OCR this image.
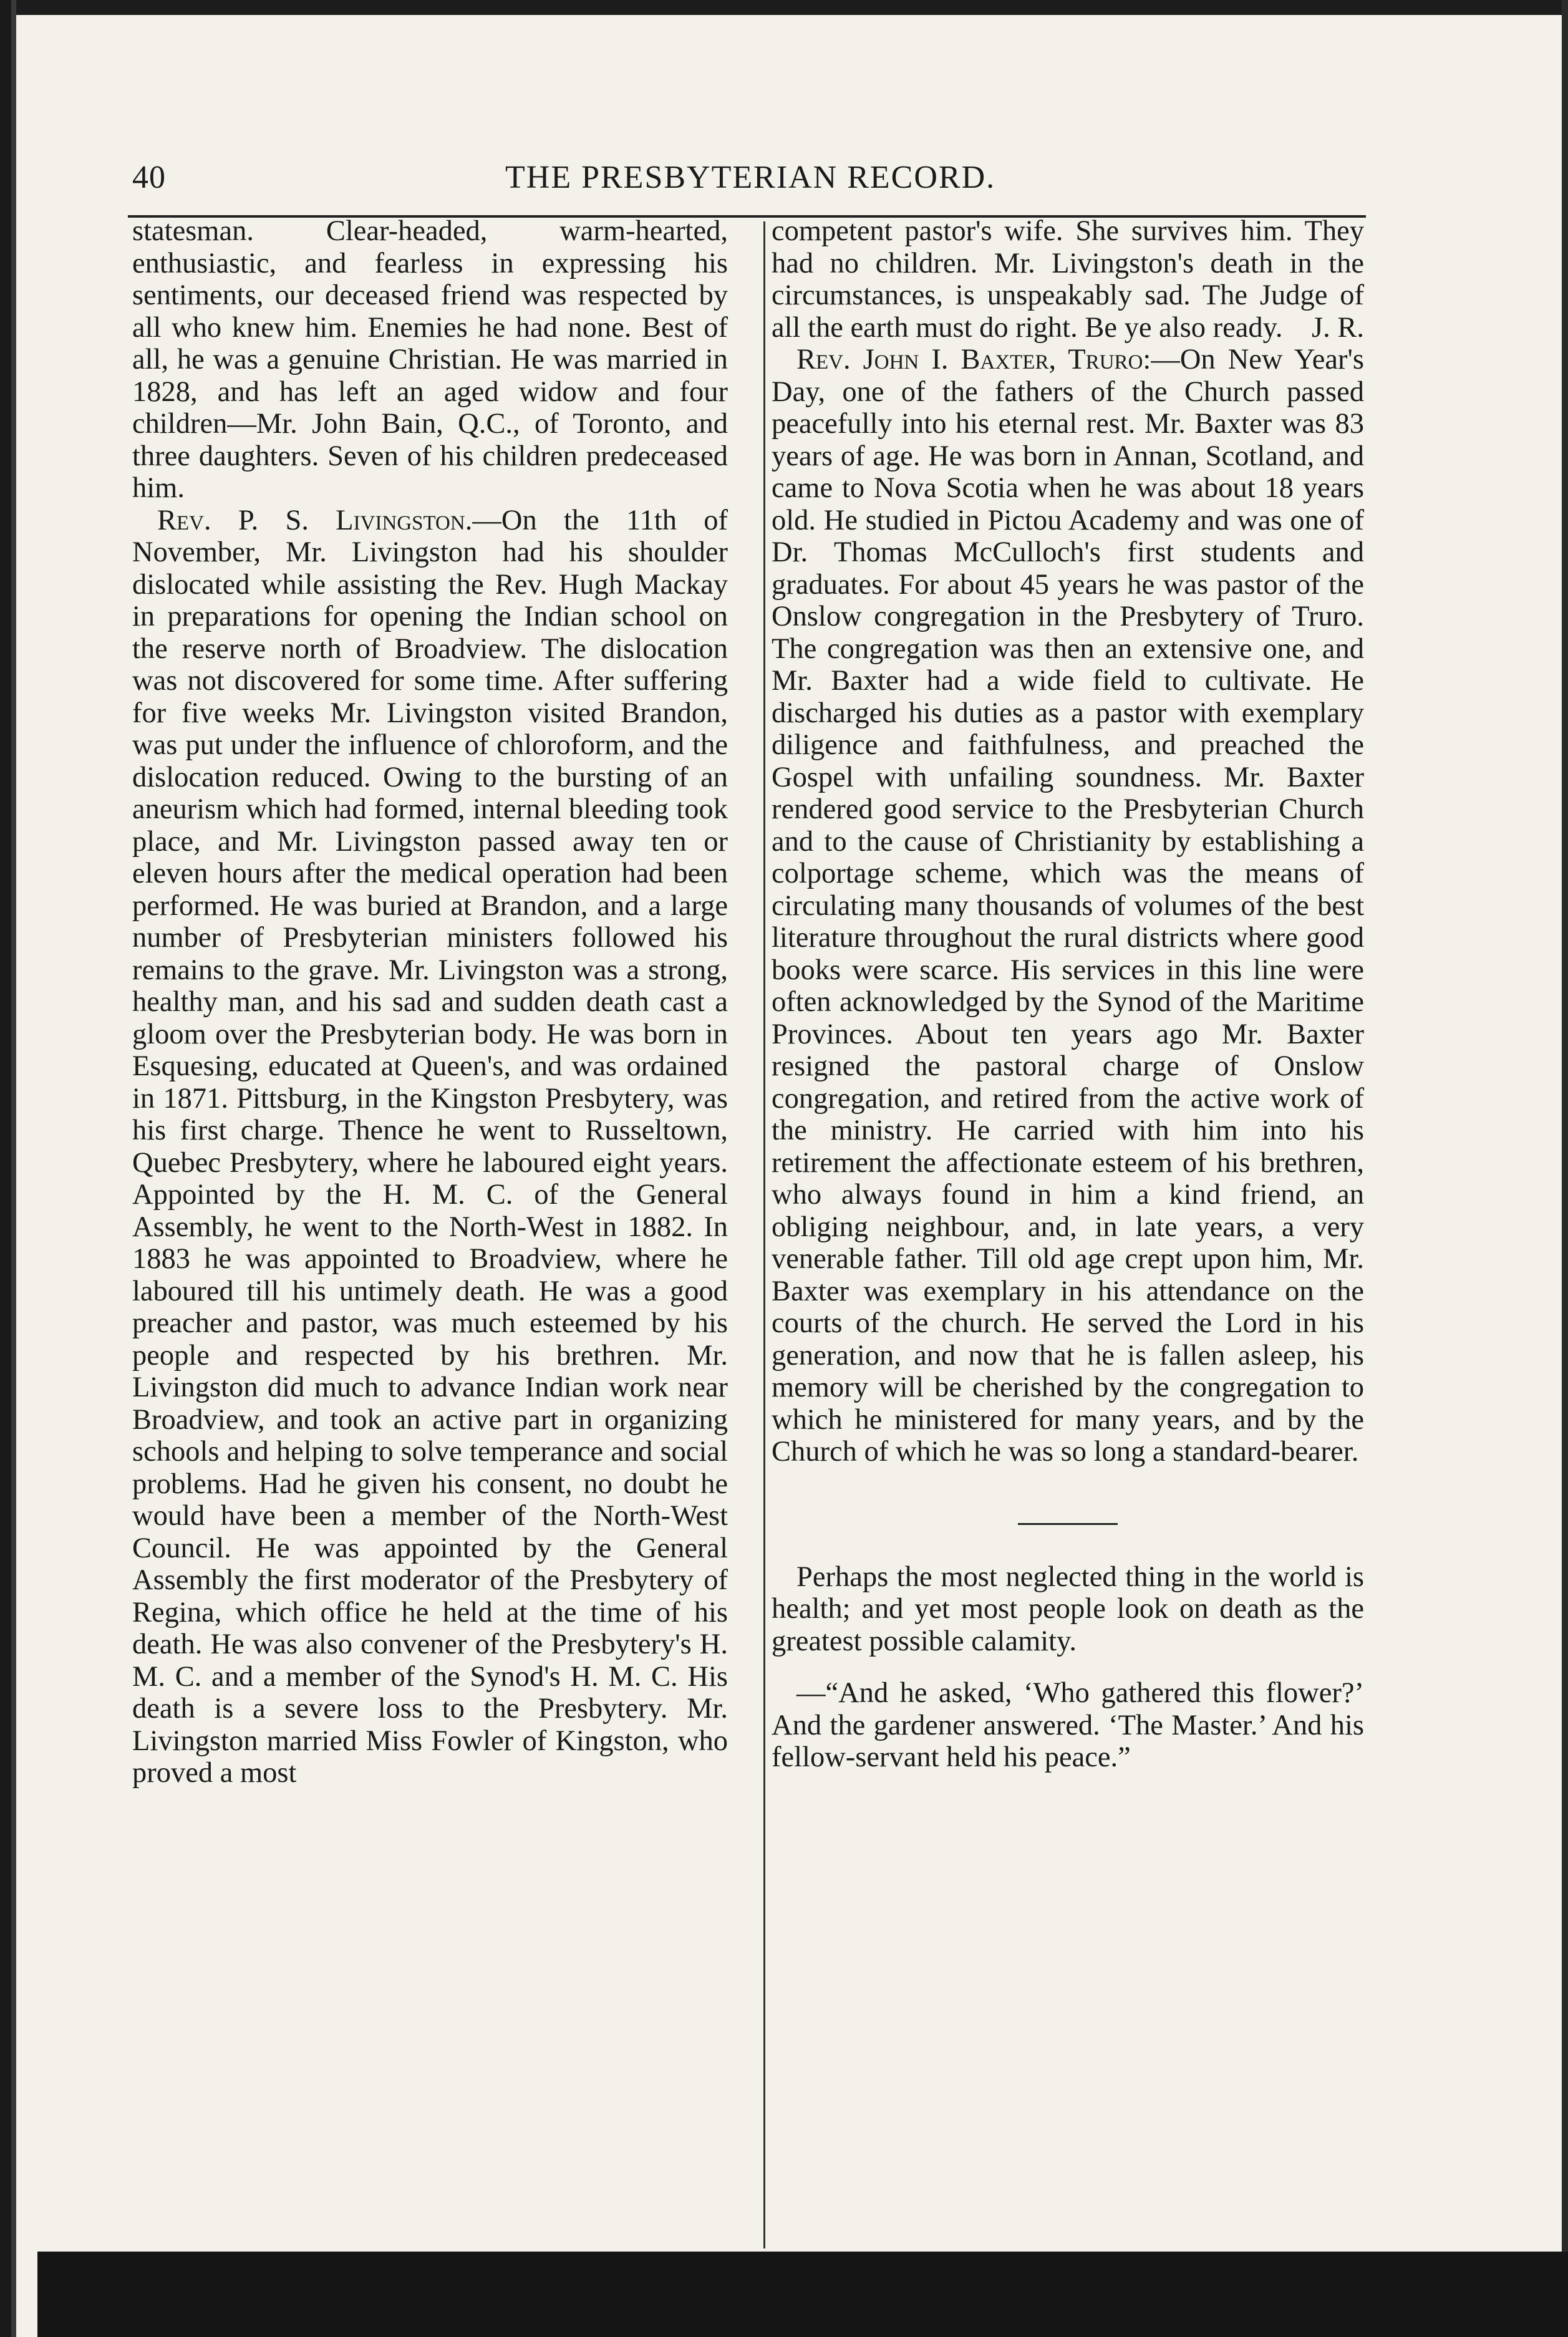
40	THE PRESBYTERIAN RECORD.

statesman. Clear-headed, warm-hearted, enthusiastic, and fearless in expressing his sentiments, our deceased friend was respected by all who knew him. Enemies he had none. Best of all, he was a genuine Christian. He was married in 1828, and has left an aged widow and four children—Mr. John Bain, Q.C., of Toronto, and three daughters. Seven of his children predeceased him.

Rev. P. S. Livingston.—On the 11th of November, Mr. Livingston had his shoulder dislocated while assisting the Rev. Hugh Mackay in preparations for opening the Indian school on the reserve north of Broadview. The dislocation was not discovered for some time. After suffering for five weeks Mr. Livingston visited Brandon, was put under the influence of chloroform, and the dislocation reduced. Owing to the bursting of an aneurism which had formed, internal bleeding took place, and Mr. Livingston passed away ten or eleven hours after the medical operation had been performed. He was buried at Brandon, and a large number of Presbyterian ministers followed his remains to the grave. Mr. Livingston was a strong, healthy man, and his sad and sudden death cast a gloom over the Presbyterian body. He was born in Esquesing, educated at Queen's, and was ordained in 1871. Pittsburg, in the Kingston Presbytery, was his first charge. Thence he went to Russeltown, Quebec Presbytery, where he laboured eight years. Appointed by the H. M. C. of the General Assembly, he went to the North-West in 1882. In 1883 he was appointed to Broadview, where he laboured till his untimely death. He was a good preacher and pastor, was much esteemed by his people and respected by his brethren. Mr. Livingston did much to advance Indian work near Broadview, and took an active part in organizing schools and helping to solve temperance and social problems. Had he given his consent, no doubt he would have been a member of the North-West Council. He was appointed by the General Assembly the first moderator of the Presbytery of Regina, which office he held at the time of his death. He was also convener of the Presbytery's H. M. C. and a member of the Synod's H. M. C. His death is a severe loss to the Presbytery. Mr. Livingston married Miss Fowler of Kingston, who proved a most

competent pastor's wife. She survives him. They had no children. Mr. Livingston's death in the circumstances, is unspeakably sad. The Judge of all the earth must do right. Be ye also ready. J. R.

Rev. John I. Baxter, Truro:—On New Year's Day, one of the fathers of the Church passed peacefully into his eternal rest. Mr. Baxter was 83 years of age. He was born in Annan, Scotland, and came to Nova Scotia when he was about 18 years old. He studied in Pictou Academy and was one of Dr. Thomas McCulloch's first students and graduates. For about 45 years he was pastor of the Onslow congregation in the Presbytery of Truro. The congregation was then an extensive one, and Mr. Baxter had a wide field to cultivate. He discharged his duties as a pastor with exemplary diligence and faithfulness, and preached the Gospel with unfailing soundness. Mr. Baxter rendered good service to the Presbyterian Church and to the cause of Christianity by establishing a colportage scheme, which was the means of circulating many thousands of volumes of the best literature throughout the rural districts where good books were scarce. His services in this line were often acknowledged by the Synod of the Maritime Provinces. About ten years ago Mr. Baxter resigned the pastoral charge of Onslow congregation, and retired from the active work of the ministry. He carried with him into his retirement the affectionate esteem of his brethren, who always found in him a kind friend, an obliging neighbour, and, in late years, a very venerable father. Till old age crept upon him, Mr. Baxter was exemplary in his attendance on the courts of the church. He served the Lord in his generation, and now that he is fallen asleep, his memory will be cherished by the congregation to which he ministered for many years, and by the Church of which he was so long a standard-bearer.

Perhaps the most neglected thing in the world is health; and yet most people look on death as the greatest possible calamity.

—“And he asked, ‘Who gathered this flower?’ And the gardener answered. ‘The Master.’ And his fellow-servant held his peace.”
